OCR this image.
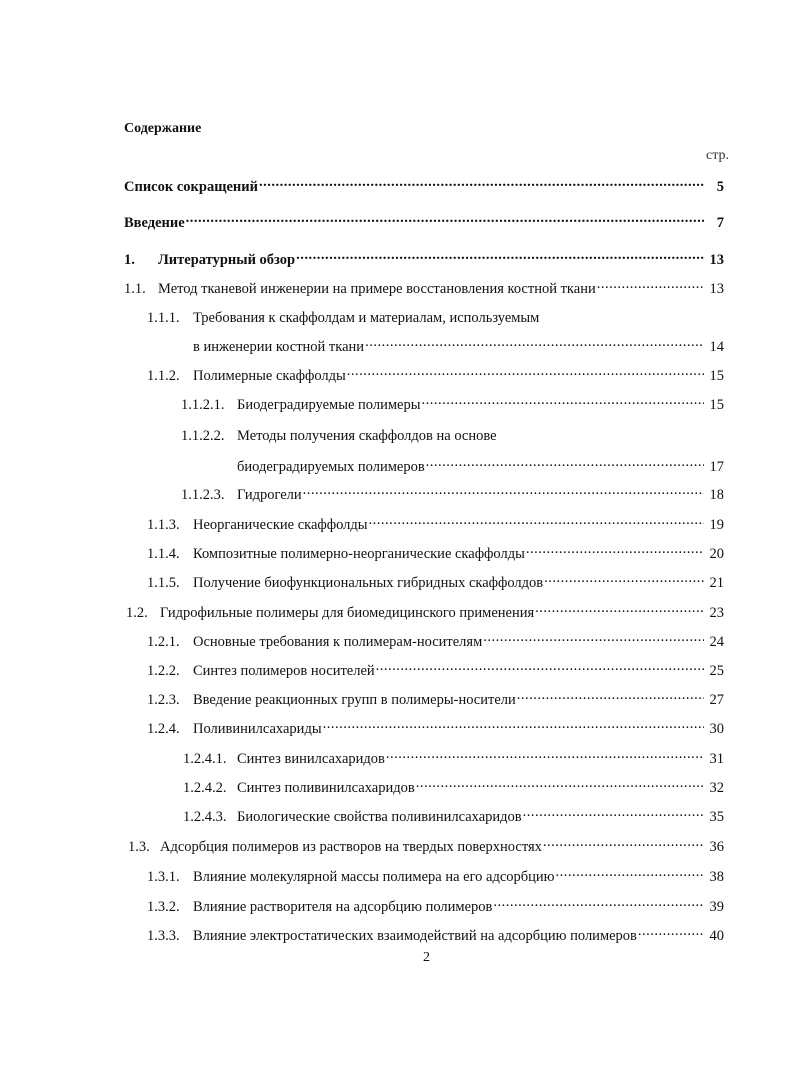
Содержание
стр.
Список сокращений .....	5
Введение .....	7
1.	Литературный обзор .....	13
1.1. Метод тканевой инженерии на примере восстановления костной ткани .....	13
1.1.1. Требования к скаффолдам и материалам, используемым
в инженерии костной ткани .....	14
1.1.2. Полимерные скаффолды .....	15
1.1.2.1. Биодеградируемые полимеры .....	15
1.1.2.2. Методы получения скаффолдов на основе
биодеградируемых полимеров .....	17
1.1.2.3. Гидрогели .....	18
1.1.3. Неорганические скаффолды .....	19
1.1.4. Композитные полимерно-неорганические скаффолды .....	20
1.1.5. Получение биофункциональных гибридных скаффолдов .....	21
1.2. Гидрофильные полимеры для биомедицинского применения .....	23
1.2.1. Основные требования к полимерам-носителям .....	24
1.2.2. Синтез полимеров носителей .....	25
1.2.3. Введение реакционных групп в полимеры-носители .....	27
1.2.4. Поливинилсахариды .....	30
1.2.4.1. Синтез винилсахаридов .....	31
1.2.4.2. Синтез поливинилсахаридов .....	32
1.2.4.3. Биологические свойства поливинилсахаридов .....	35
1.3. Адсорбция полимеров из растворов на твердых поверхностях .....	36
1.3.1. Влияние молекулярной массы полимера на его адсорбцию .....	38
1.3.2. Влияние растворителя на адсорбцию полимеров .....	39
1.3.3. Влияние электростатических взаимодействий на адсорбцию полимеров .....	40
2
